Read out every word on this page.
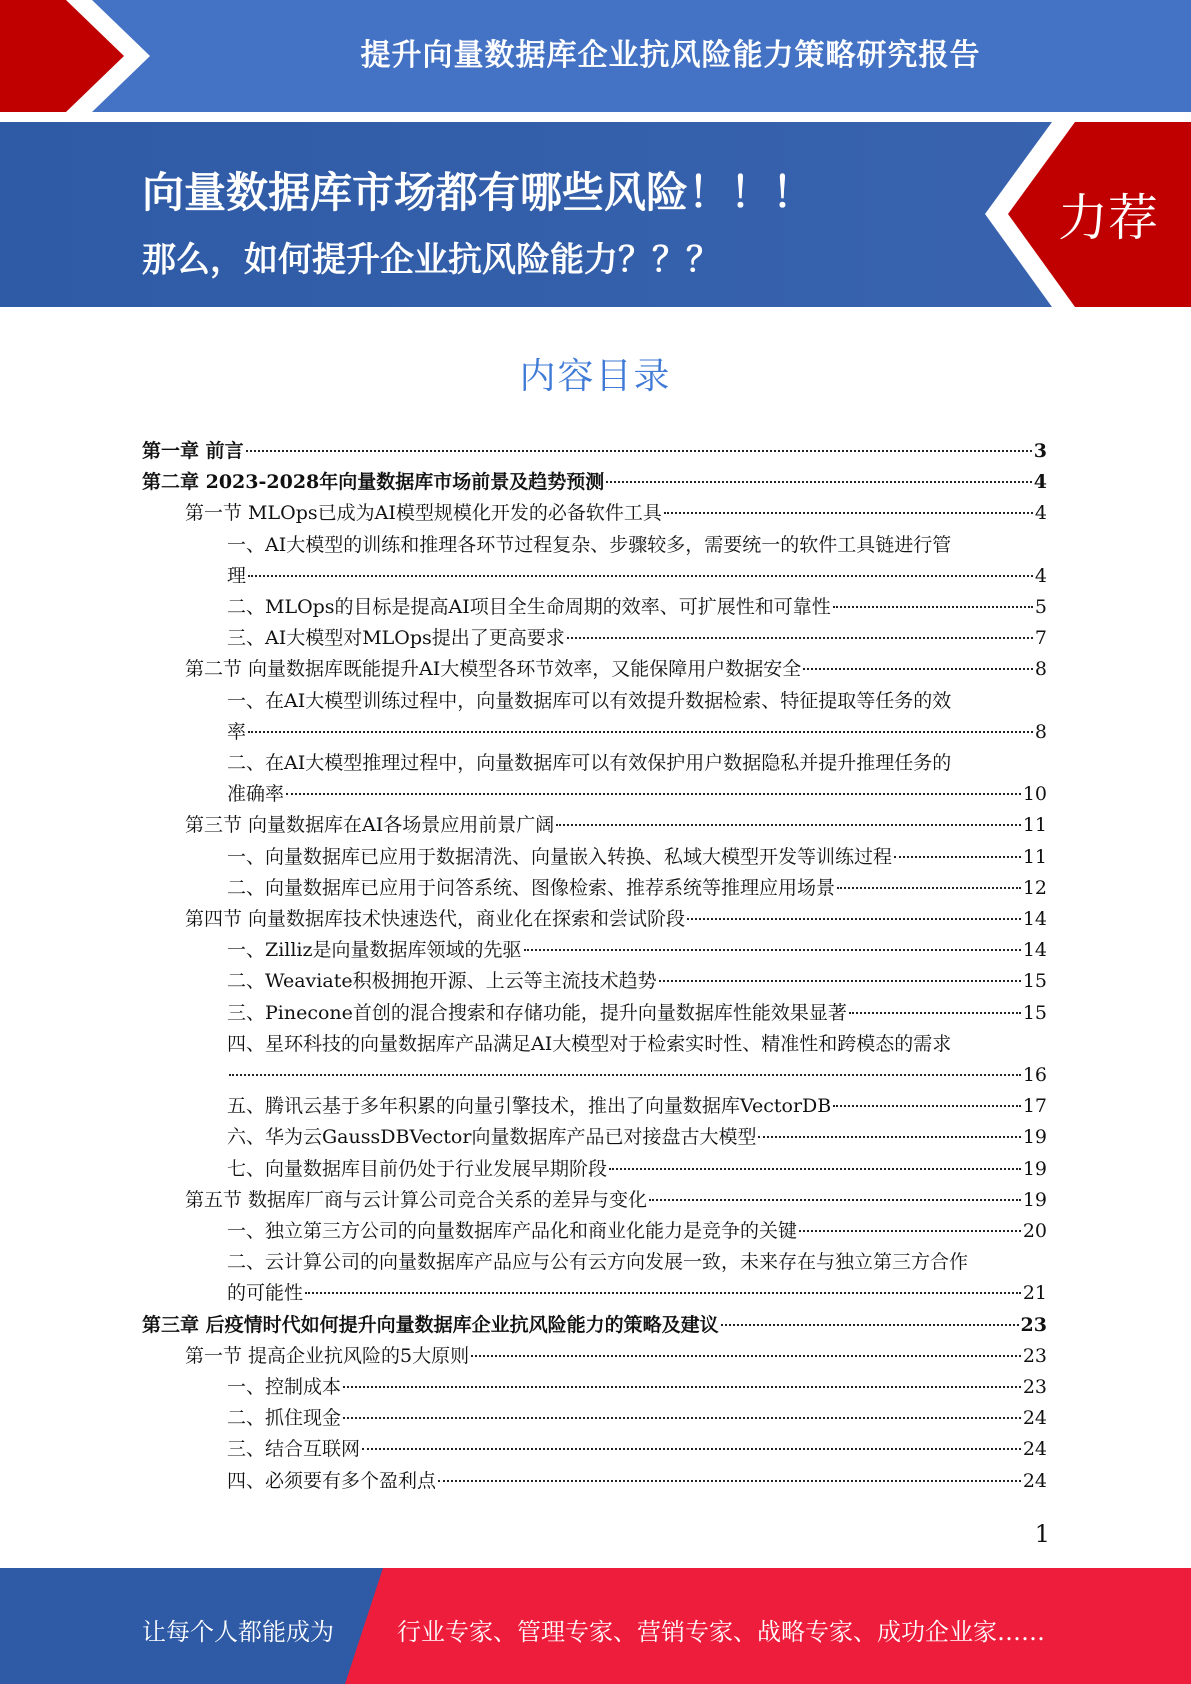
提升向量数据库企业抗风险能力策略研究报告
向量数据库市场都有哪些风险！！！
那么，如何提升企业抗风险能力？？？
力荐
内容目录
第一章 前言	3
第二章 2023-2028年向量数据库市场前景及趋势预测	4
第一节 MLOps已成为AI模型规模化开发的必备软件工具	4
一、AI大模型的训练和推理各环节过程复杂、步骤较多，需要统一的软件工具链进行管
理	4
二、MLOps的目标是提高AI项目全生命周期的效率、可扩展性和可靠性	5
三、AI大模型对MLOps提出了更高要求	7
第二节 向量数据库既能提升AI大模型各环节效率，又能保障用户数据安全	8
一、在AI大模型训练过程中，向量数据库可以有效提升数据检索、特征提取等任务的效
率	8
二、在AI大模型推理过程中，向量数据库可以有效保护用户数据隐私并提升推理任务的
准确率	10
第三节 向量数据库在AI各场景应用前景广阔	11
一、向量数据库已应用于数据清洗、向量嵌入转换、私域大模型开发等训练过程	11
二、向量数据库已应用于问答系统、图像检索、推荐系统等推理应用场景	12
第四节 向量数据库技术快速迭代，商业化在探索和尝试阶段	14
一、Zilliz是向量数据库领域的先驱	14
二、Weaviate积极拥抱开源、上云等主流技术趋势	15
三、Pinecone首创的混合搜索和存储功能，提升向量数据库性能效果显著	15
四、星环科技的向量数据库产品满足AI大模型对于检索实时性、精准性和跨模态的需求
16
五、腾讯云基于多年积累的向量引擎技术，推出了向量数据库VectorDB	17
六、华为云GaussDBVector向量数据库产品已对接盘古大模型	19
七、向量数据库目前仍处于行业发展早期阶段	19
第五节 数据库厂商与云计算公司竞合关系的差异与变化	19
一、独立第三方公司的向量数据库产品化和商业化能力是竞争的关键	20
二、云计算公司的向量数据库产品应与公有云方向发展一致，未来存在与独立第三方合作
的可能性	21
第三章 后疫情时代如何提升向量数据库企业抗风险能力的策略及建议	23
第一节 提高企业抗风险的5大原则	23
一、控制成本	23
二、抓住现金	24
三、结合互联网	24
四、必须要有多个盈利点	24
1
让每个人都能成为	行业专家、管理专家、营销专家、战略专家、成功企业家……
